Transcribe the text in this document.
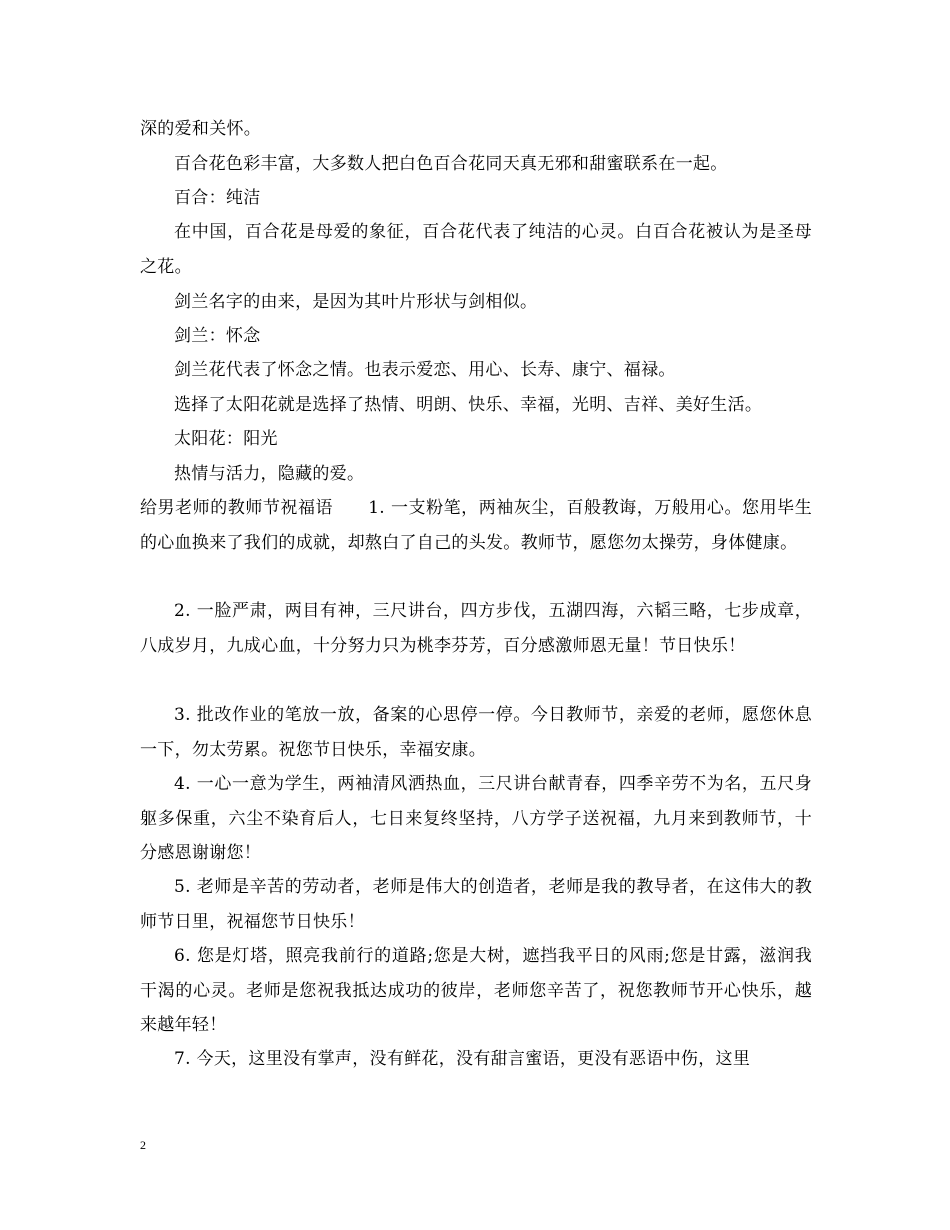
深的爱和关怀。

百合花色彩丰富，大多数人把白色百合花同天真无邪和甜蜜联系在一起。

百合：纯洁

在中国，百合花是母爱的象征，百合花代表了纯洁的心灵。白百合花被认为是圣母之花。

剑兰名字的由来，是因为其叶片形状与剑相似。

剑兰：怀念

剑兰花代表了怀念之情。也表示爱恋、用心、长寿、康宁、福禄。

选择了太阳花就是选择了热情、明朗、快乐、幸福，光明、吉祥、美好生活。

太阳花：阳光

热情与活力，隐藏的爱。

给男老师的教师节祝福语　　1. 一支粉笔，两袖灰尘，百般教诲，万般用心。您用毕生的心血换来了我们的成就，却熬白了自己的头发。教师节，愿您勿太操劳，身体健康。

2. 一脸严肃，两目有神，三尺讲台，四方步伐，五湖四海，六韬三略，七步成章，八成岁月，九成心血，十分努力只为桃李芬芳，百分感激师恩无量！节日快乐！

3. 批改作业的笔放一放，备案的心思停一停。今日教师节，亲爱的老师，愿您休息一下，勿太劳累。祝您节日快乐，幸福安康。

4. 一心一意为学生，两袖清风洒热血，三尺讲台献青春，四季辛劳不为名，五尺身躯多保重，六尘不染育后人，七日来复终坚持，八方学子送祝福，九月来到教师节，十分感恩谢谢您！

5. 老师是辛苦的劳动者，老师是伟大的创造者，老师是我的教导者，在这伟大的教师节日里，祝福您节日快乐！

6. 您是灯塔，照亮我前行的道路;您是大树，遮挡我平日的风雨;您是甘露，滋润我干渴的心灵。老师是您祝我抵达成功的彼岸，老师您辛苦了，祝您教师节开心快乐，越来越年轻！

7. 今天，这里没有掌声，没有鲜花，没有甜言蜜语，更没有恶语中伤，这里

2
